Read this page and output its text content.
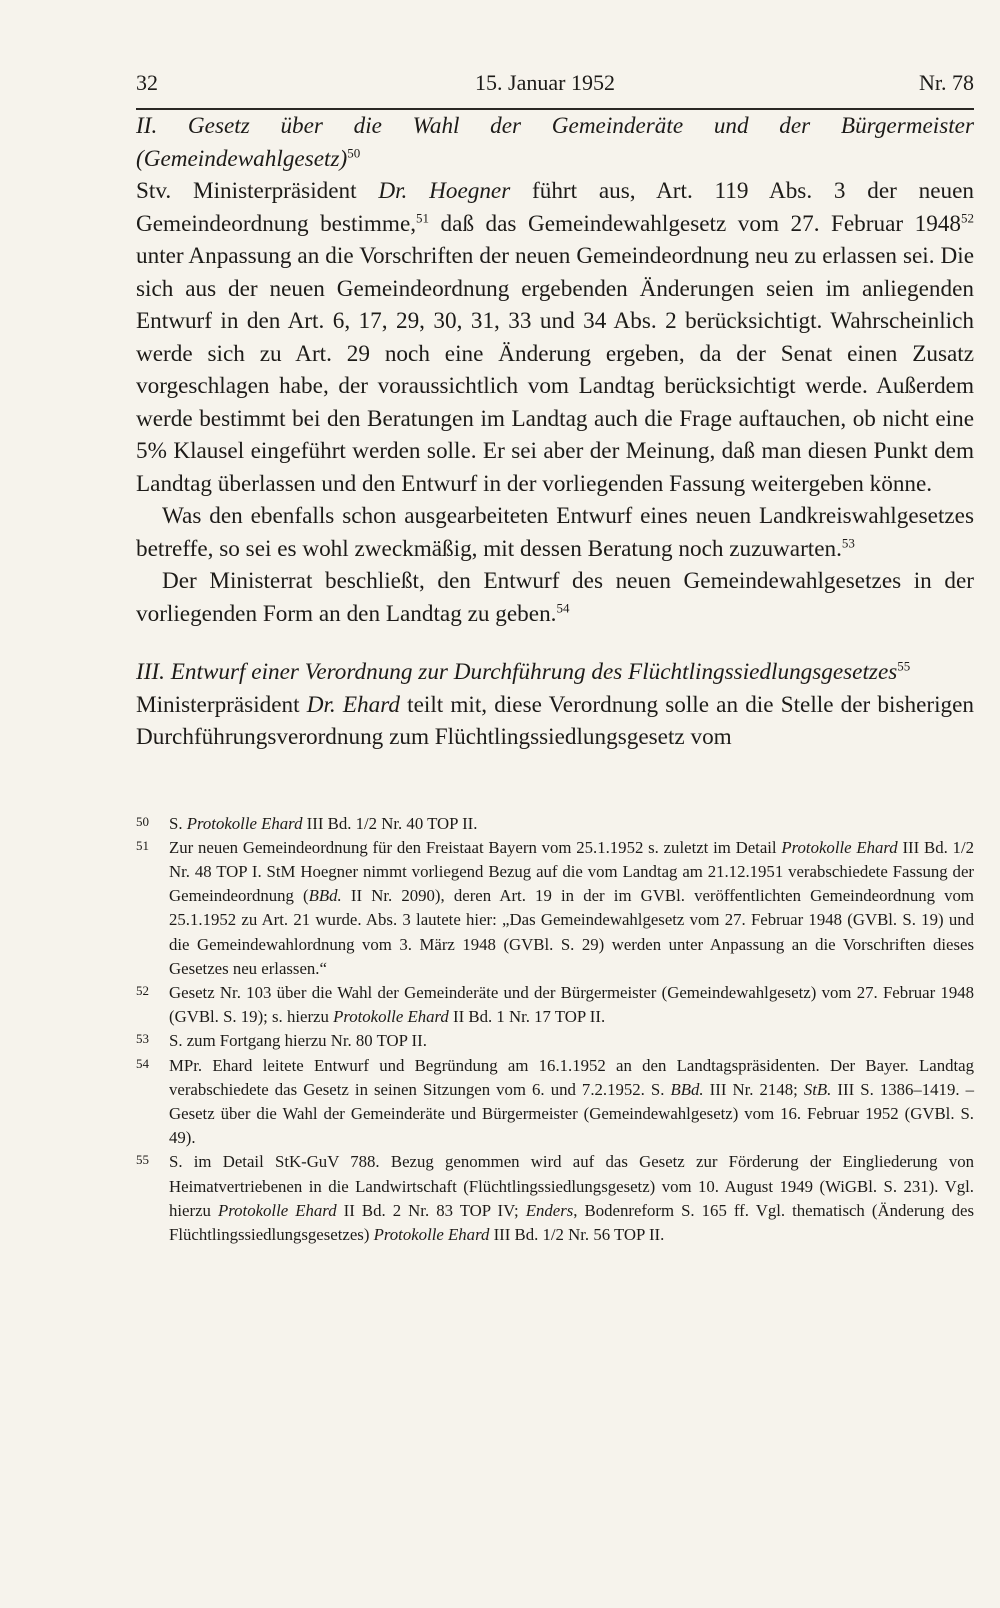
32	15. Januar 1952	Nr. 78

II. Gesetz über die Wahl der Gemeinderäte und der Bürgermeister (Gemeindewahlgesetz)$^{50}$

Stv. Ministerpräsident Dr. Hoegner führt aus, Art. 119 Abs. 3 der neuen Gemeindeordnung bestimme,$^{51}$ daß das Gemeindewahlgesetz vom 27. Februar 1948$^{52}$ unter Anpassung an die Vorschriften der neuen Gemeindeordnung neu zu erlassen sei. Die sich aus der neuen Gemeindeordnung ergebenden Änderungen seien im anliegenden Entwurf in den Art. 6, 17, 29, 30, 31, 33 und 34 Abs. 2 berücksichtigt. Wahrscheinlich werde sich zu Art. 29 noch eine Änderung ergeben, da der Senat einen Zusatz vorgeschlagen habe, der voraussichtlich vom Landtag berücksichtigt werde. Außerdem werde bestimmt bei den Beratungen im Landtag auch die Frage auftauchen, ob nicht eine 5% Klausel eingeführt werden solle. Er sei aber der Meinung, daß man diesen Punkt dem Landtag überlassen und den Entwurf in der vorliegenden Fassung weitergeben könne.

Was den ebenfalls schon ausgearbeiteten Entwurf eines neuen Landkreiswahlgesetzes betreffe, so sei es wohl zweckmäßig, mit dessen Beratung noch zuzuwarten.$^{53}$

Der Ministerrat beschließt, den Entwurf des neuen Gemeindewahlgesetzes in der vorliegenden Form an den Landtag zu geben.$^{54}$

III. Entwurf einer Verordnung zur Durchführung des Flüchtlingssiedlungsgesetzes$^{55}$

Ministerpräsident Dr. Ehard teilt mit, diese Verordnung solle an die Stelle der bisherigen Durchführungsverordnung zum Flüchtlingssiedlungsgesetz vom

50	S. Protokolle Ehard III Bd. 1/2 Nr. 40 TOP II.

51	Zur neuen Gemeindeordnung für den Freistaat Bayern vom 25.1.1952 s. zuletzt im Detail Protokolle Ehard III Bd. 1/2 Nr. 48 TOP I. StM Hoegner nimmt vorliegend Bezug auf die vom Landtag am 21.12.1951 verabschiedete Fassung der Gemeindeordnung (BBd. II Nr. 2090), deren Art. 19 in der im GVBl. veröffentlichten Gemeindeordnung vom 25.1.1952 zu Art. 21 wurde. Abs. 3 lautete hier: „Das Gemeindewahlgesetz vom 27. Februar 1948 (GVBl. S. 19) und die Gemeindewahlordnung vom 3. März 1948 (GVBl. S. 29) werden unter Anpassung an die Vorschriften dieses Gesetzes neu erlassen.“

52	Gesetz Nr. 103 über die Wahl der Gemeinderäte und der Bürgermeister (Gemeindewahlgesetz) vom 27. Februar 1948 (GVBl. S. 19); s. hierzu Protokolle Ehard II Bd. 1 Nr. 17 TOP II.

53	S. zum Fortgang hierzu Nr. 80 TOP II.

54	MPr. Ehard leitete Entwurf und Begründung am 16.1.1952 an den Landtagspräsidenten. Der Bayer. Landtag verabschiedete das Gesetz in seinen Sitzungen vom 6. und 7.2.1952. S. BBd. III Nr. 2148; StB. III S. 1386–1419. – Gesetz über die Wahl der Gemeinderäte und Bürgermeister (Gemeindewahlgesetz) vom 16. Februar 1952 (GVBl. S. 49).

55	S. im Detail StK-GuV 788. Bezug genommen wird auf das Gesetz zur Förderung der Eingliederung von Heimatvertriebenen in die Landwirtschaft (Flüchtlingssiedlungsgesetz) vom 10. August 1949 (WiGBl. S. 231). Vgl. hierzu Protokolle Ehard II Bd. 2 Nr. 83 TOP IV; Enders, Bodenreform S. 165 ff. Vgl. thematisch (Änderung des Flüchtlingssiedlungsgesetzes) Protokolle Ehard III Bd. 1/2 Nr. 56 TOP II.
